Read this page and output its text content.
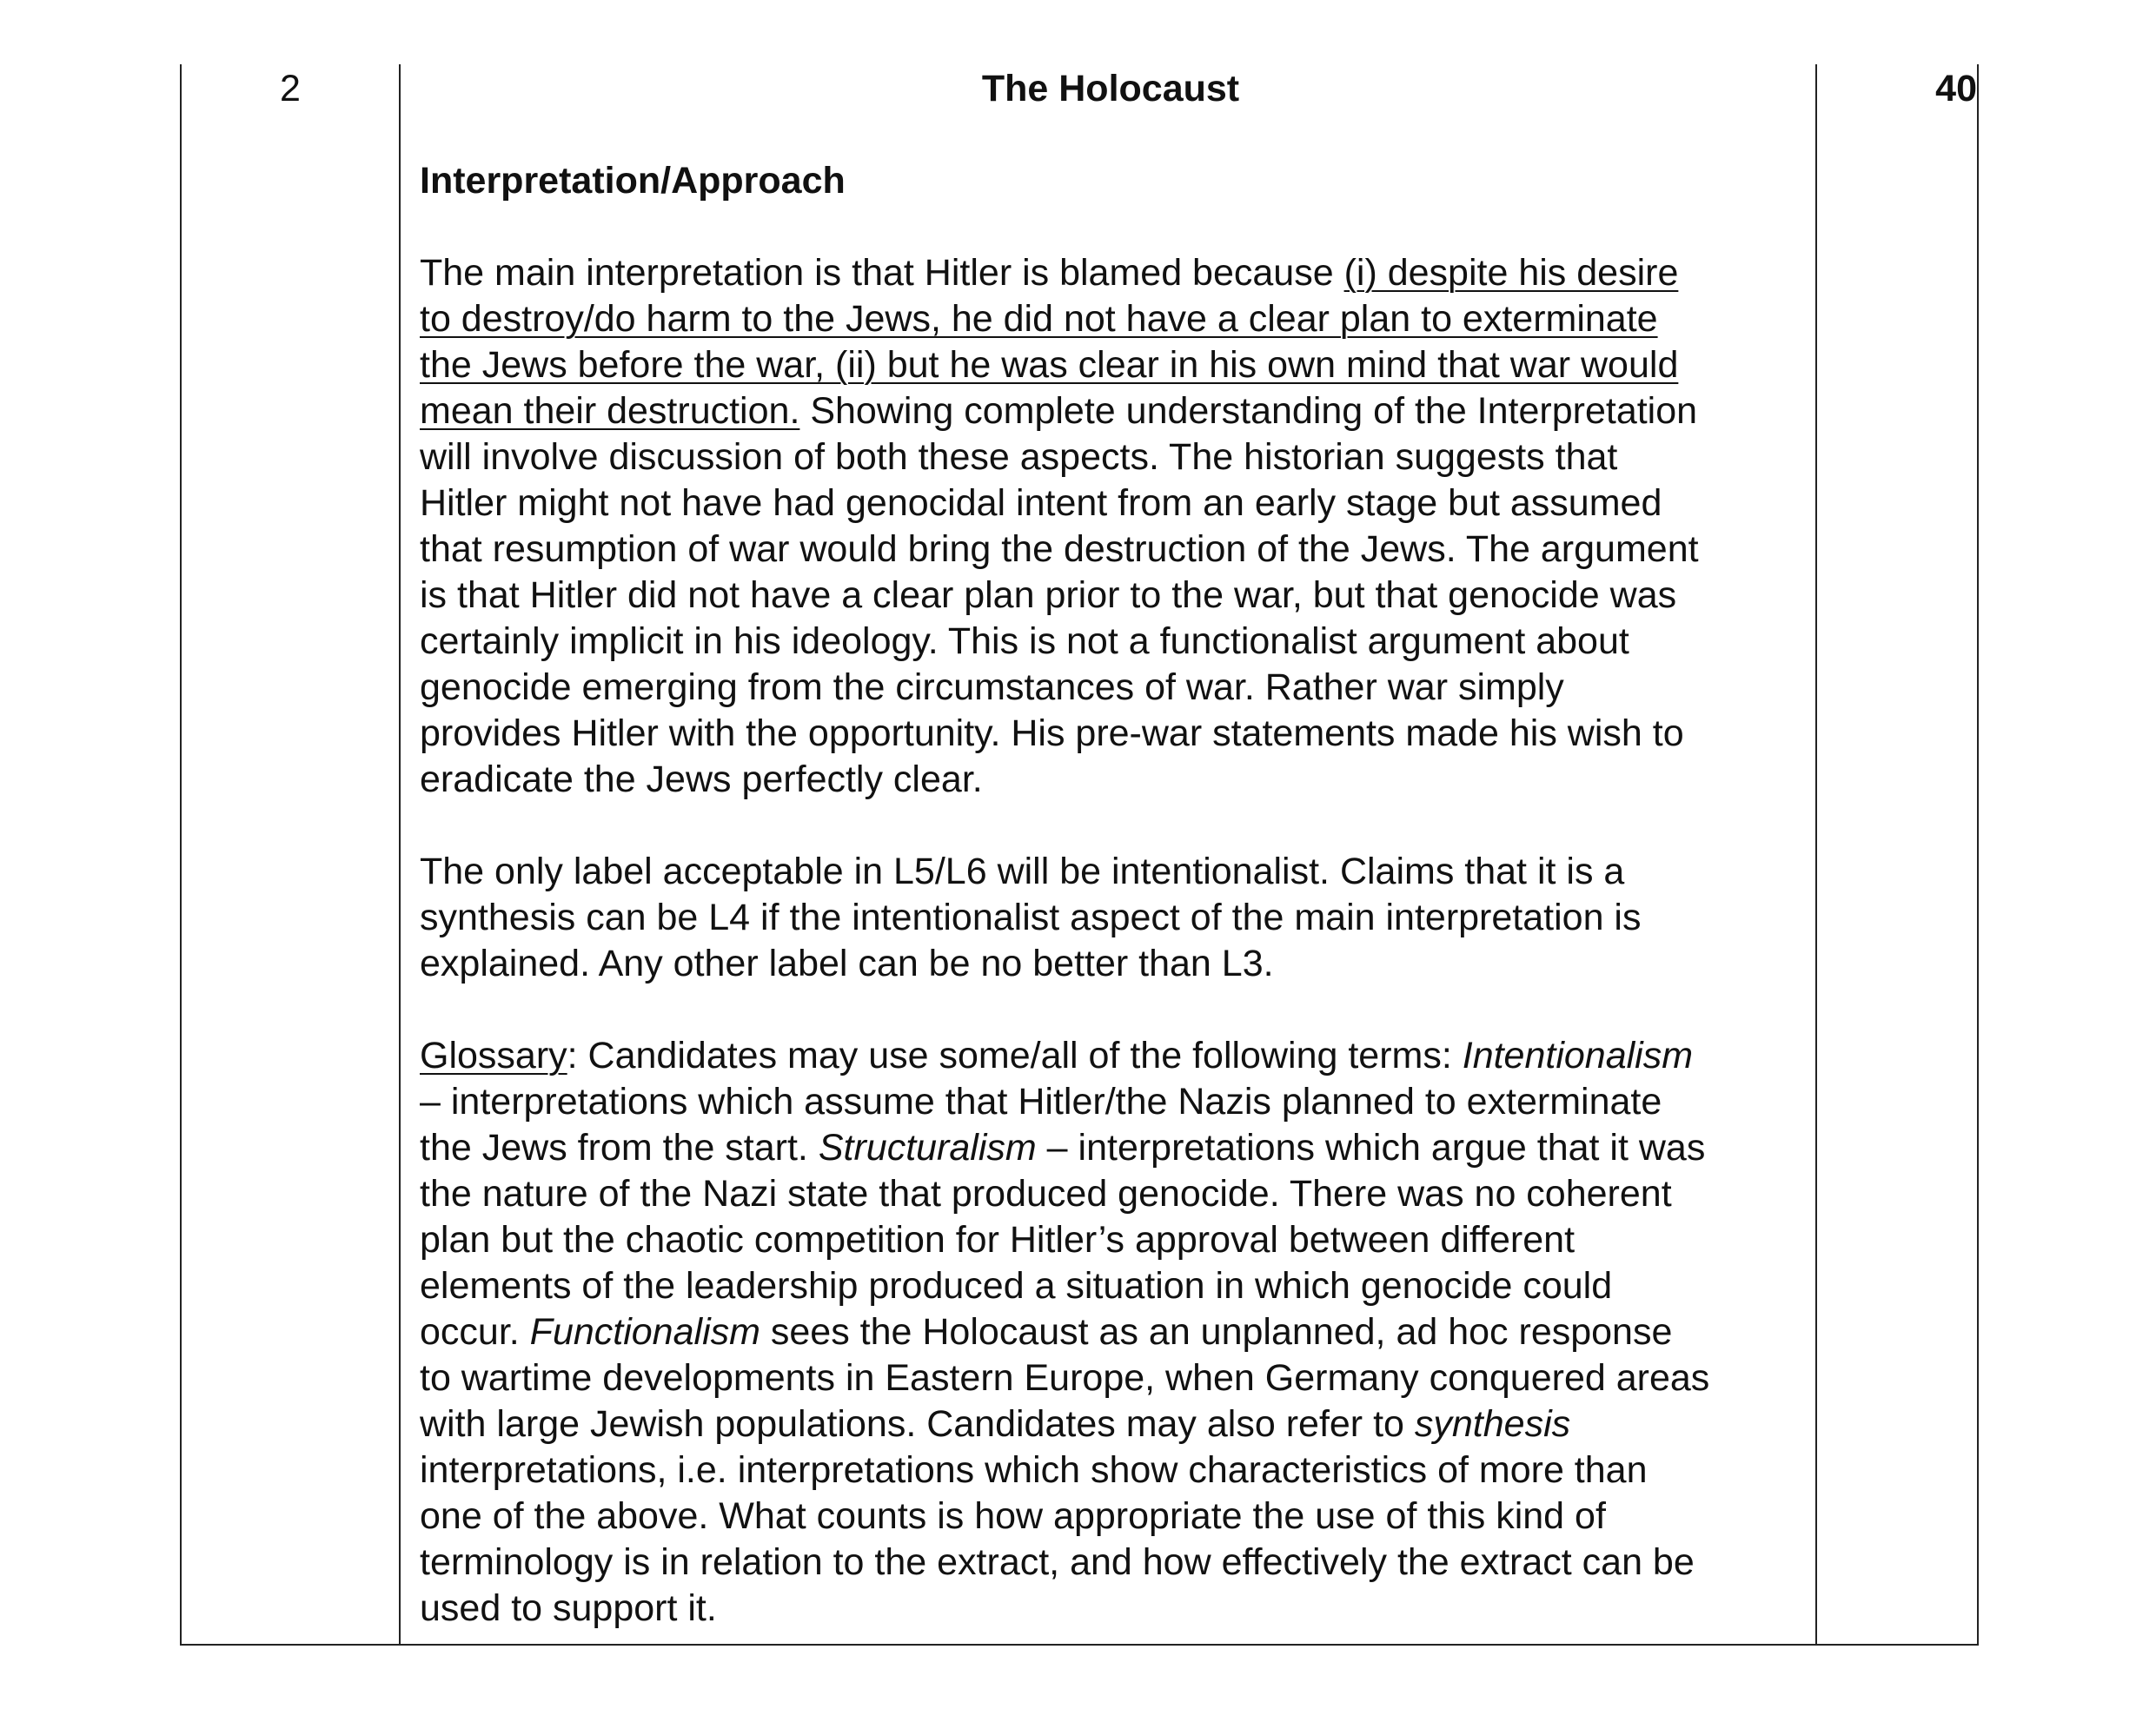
2	40
The Holocaust
Interpretation/Approach
The main interpretation is that Hitler is blamed because (i) despite his desire
to destroy/do harm to the Jews, he did not have a clear plan to exterminate
the Jews before the war, (ii) but he was clear in his own mind that war would
mean their destruction. Showing complete understanding of the Interpretation
will involve discussion of both these aspects. The historian suggests that
Hitler might not have had genocidal intent from an early stage but assumed
that resumption of war would bring the destruction of the Jews. The argument
is that Hitler did not have a clear plan prior to the war, but that genocide was
certainly implicit in his ideology. This is not a functionalist argument about
genocide emerging from the circumstances of war. Rather war simply
provides Hitler with the opportunity. His pre-war statements made his wish to
eradicate the Jews perfectly clear.
The only label acceptable in L5/L6 will be intentionalist. Claims that it is a
synthesis can be L4 if the intentionalist aspect of the main interpretation is
explained. Any other label can be no better than L3.
Glossary: Candidates may use some/all of the following terms: Intentionalism
– interpretations which assume that Hitler/the Nazis planned to exterminate
the Jews from the start. Structuralism – interpretations which argue that it was
the nature of the Nazi state that produced genocide. There was no coherent
plan but the chaotic competition for Hitler’s approval between different
elements of the leadership produced a situation in which genocide could
occur. Functionalism sees the Holocaust as an unplanned, ad hoc response
to wartime developments in Eastern Europe, when Germany conquered areas
with large Jewish populations. Candidates may also refer to synthesis
interpretations, i.e. interpretations which show characteristics of more than
one of the above. What counts is how appropriate the use of this kind of
terminology is in relation to the extract, and how effectively the extract can be
used to support it.
